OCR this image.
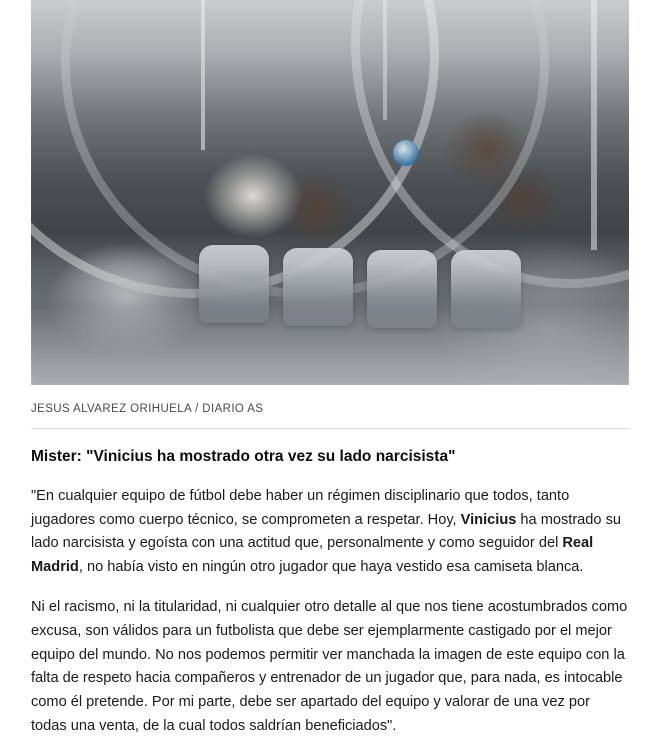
JESUS ALVAREZ ORIHUELA / DIARIO AS
Mister: "Vinicius ha mostrado otra vez su lado narcisista"

"En cualquier equipo de fútbol debe haber un régimen disciplinario que todos, tanto jugadores como cuerpo técnico, se comprometen a respetar. Hoy, Vinicius ha mostrado su lado narcisista y egoísta con una actitud que, personalmente y como seguidor del Real Madrid, no había visto en ningún otro jugador que haya vestido esa camiseta blanca.

Ni el racismo, ni la titularidad, ni cualquier otro detalle al que nos tiene acostumbrados como excusa, son válidos para un futbolista que debe ser ejemplarmente castigado por el mejor equipo del mundo. No nos podemos permitir ver manchada la imagen de este equipo con la falta de respeto hacia compañeros y entrenador de un jugador que, para nada, es intocable como él pretende. Por mi parte, debe ser apartado del equipo y valorar de una vez por todas una venta, de la cual todos saldrían beneficiados".
